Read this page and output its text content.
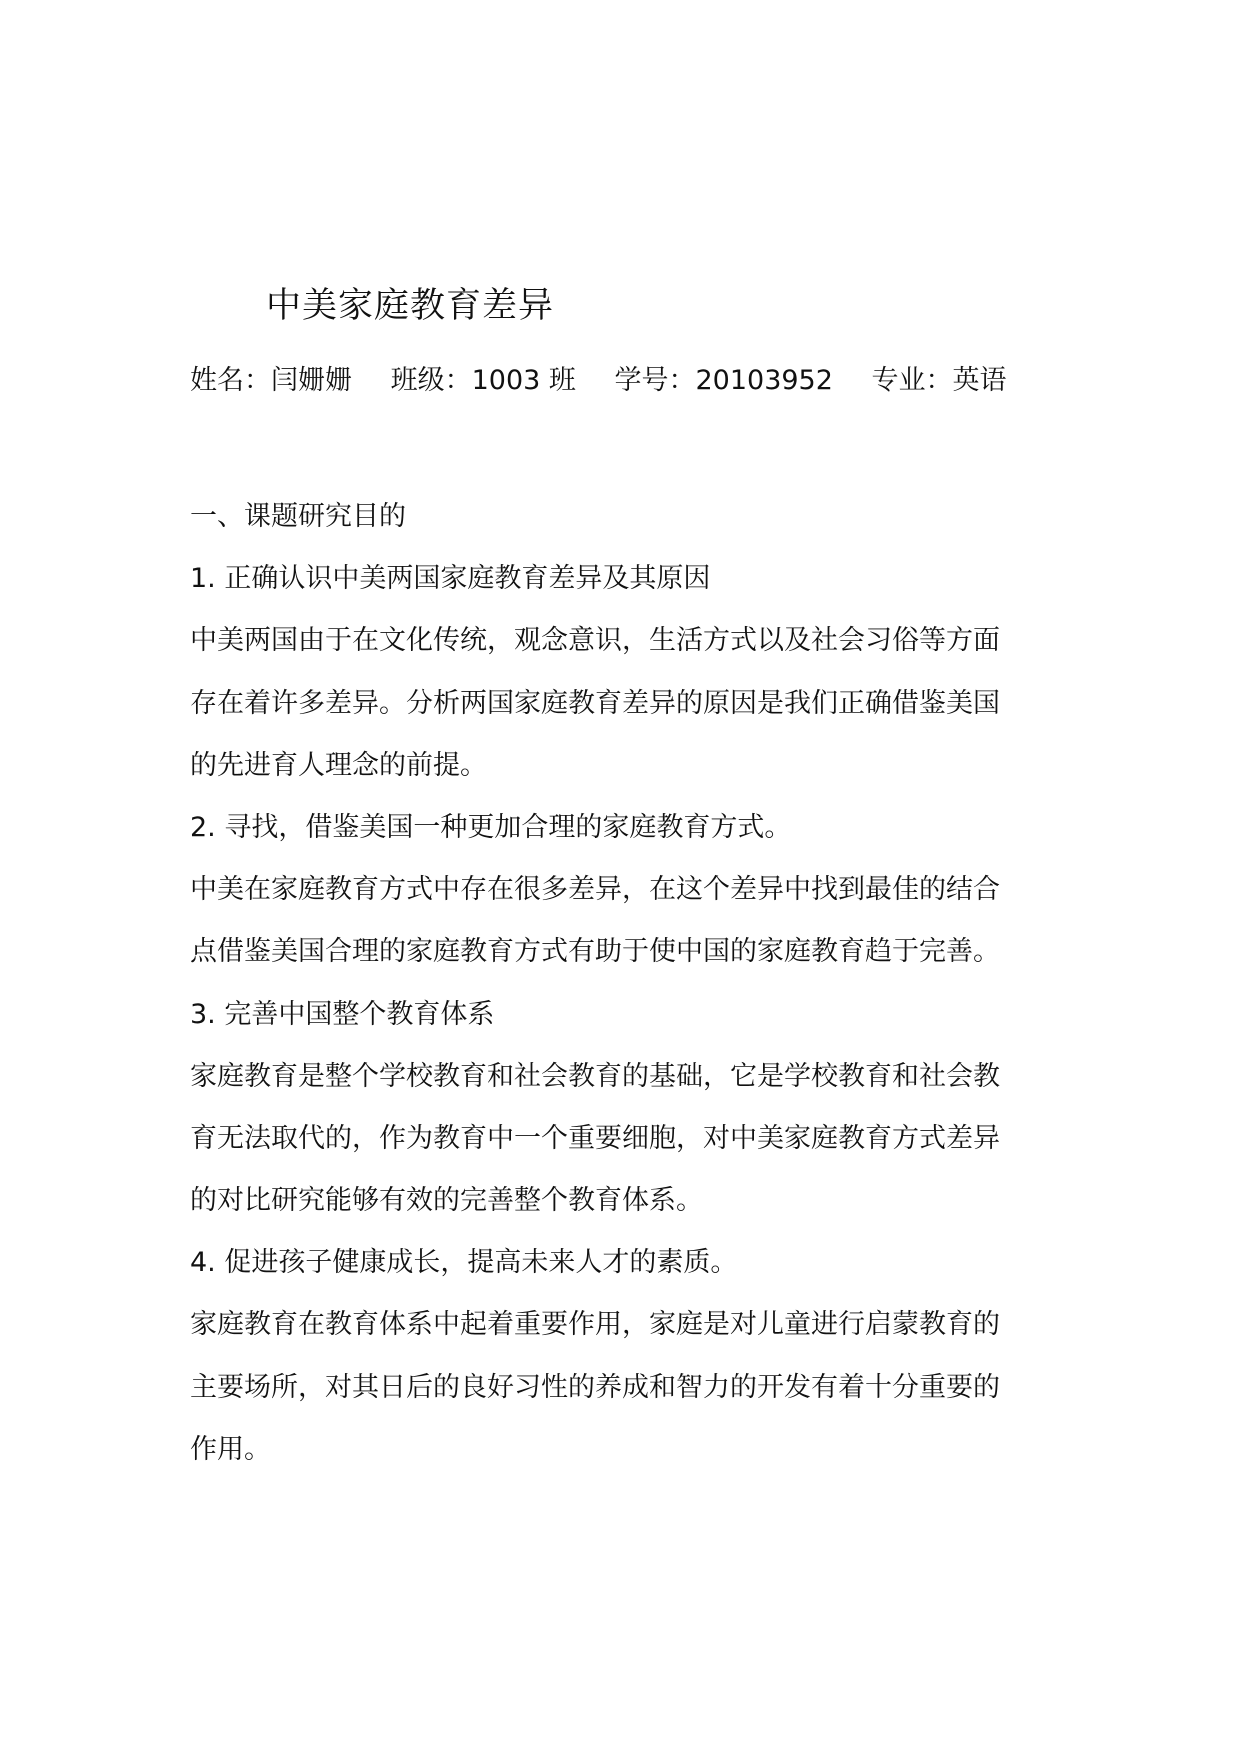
中美家庭教育差异
姓名：闫姗姗 班级：1003 班 学号：20103952 专业：英语
一、课题研究目的
1. 正确认识中美两国家庭教育差异及其原因
中美两国由于在文化传统，观念意识，生活方式以及社会习俗等方面
存在着许多差异。分析两国家庭教育差异的原因是我们正确借鉴美国
的先进育人理念的前提。
2. 寻找，借鉴美国一种更加合理的家庭教育方式。
中美在家庭教育方式中存在很多差异，在这个差异中找到最佳的结合
点借鉴美国合理的家庭教育方式有助于使中国的家庭教育趋于完善。
3. 完善中国整个教育体系
家庭教育是整个学校教育和社会教育的基础，它是学校教育和社会教
育无法取代的，作为教育中一个重要细胞，对中美家庭教育方式差异
的对比研究能够有效的完善整个教育体系。
4. 促进孩子健康成长，提高未来人才的素质。
家庭教育在教育体系中起着重要作用，家庭是对儿童进行启蒙教育的
主要场所，对其日后的良好习性的养成和智力的开发有着十分重要的
作用。
